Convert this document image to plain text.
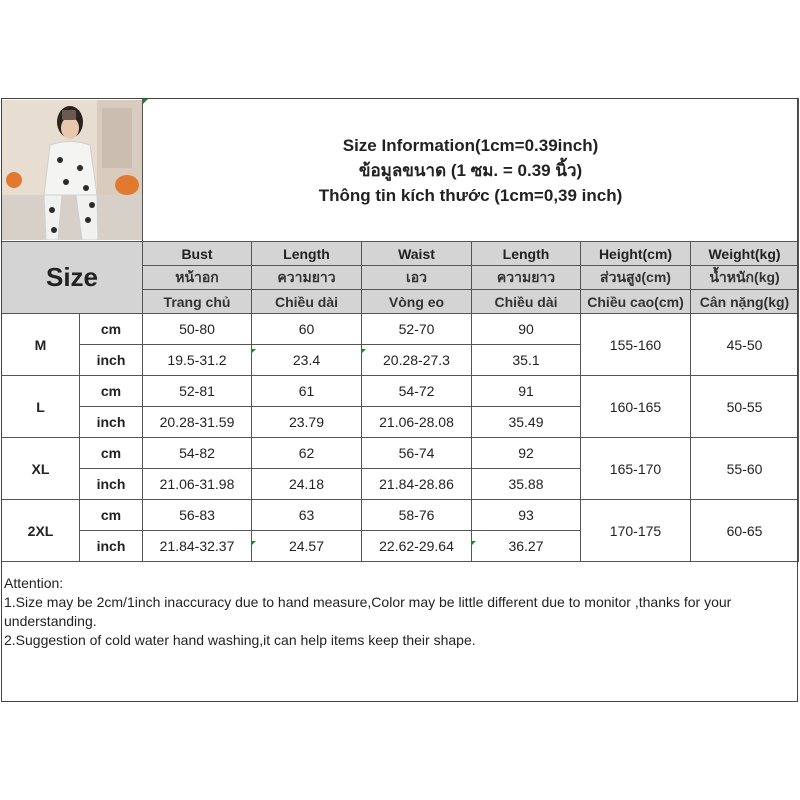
Size Information(1cm=0.39inch)
ข้อมูลขนาด (1 ซม. = 0.39 นิ้ว)
Thông tin kích thước (1cm=0,39 inch)					

Size		Bust	Length	Waist	Length	Height(cm)	Weight(kg)
		หน้าอก	ความยาว	เอว	ความยาว	ส่วนสูง(cm)	น้ำหนัก(kg)
		Trang chủ	Chiều dài	Vòng eo	Chiều dài	Chiều cao(cm)	Cân nặng(kg)
M	cm	50-80	60	52-70	90	155-160	45-50
	inch	19.5-31.2	23.4	20.28-27.3	35.1		
L	cm	52-81	61	54-72	91	160-165	50-55
	inch	20.28-31.59	23.79	21.06-28.08	35.49		
XL	cm	54-82	62	56-74	92	165-170	55-60
	inch	21.06-31.98	24.18	21.84-28.86	35.88		
2XL	cm	56-83	63	58-76	93	170-175	60-65
	inch	21.84-32.37	24.57	22.62-29.64	36.27		
Attention:
1.Size may be 2cm/1inch inaccuracy due to hand measure,Color may be little different due to monitor ,thanks for your understanding.
2.Suggestion of cold water hand washing,it can help items keep their shape.
